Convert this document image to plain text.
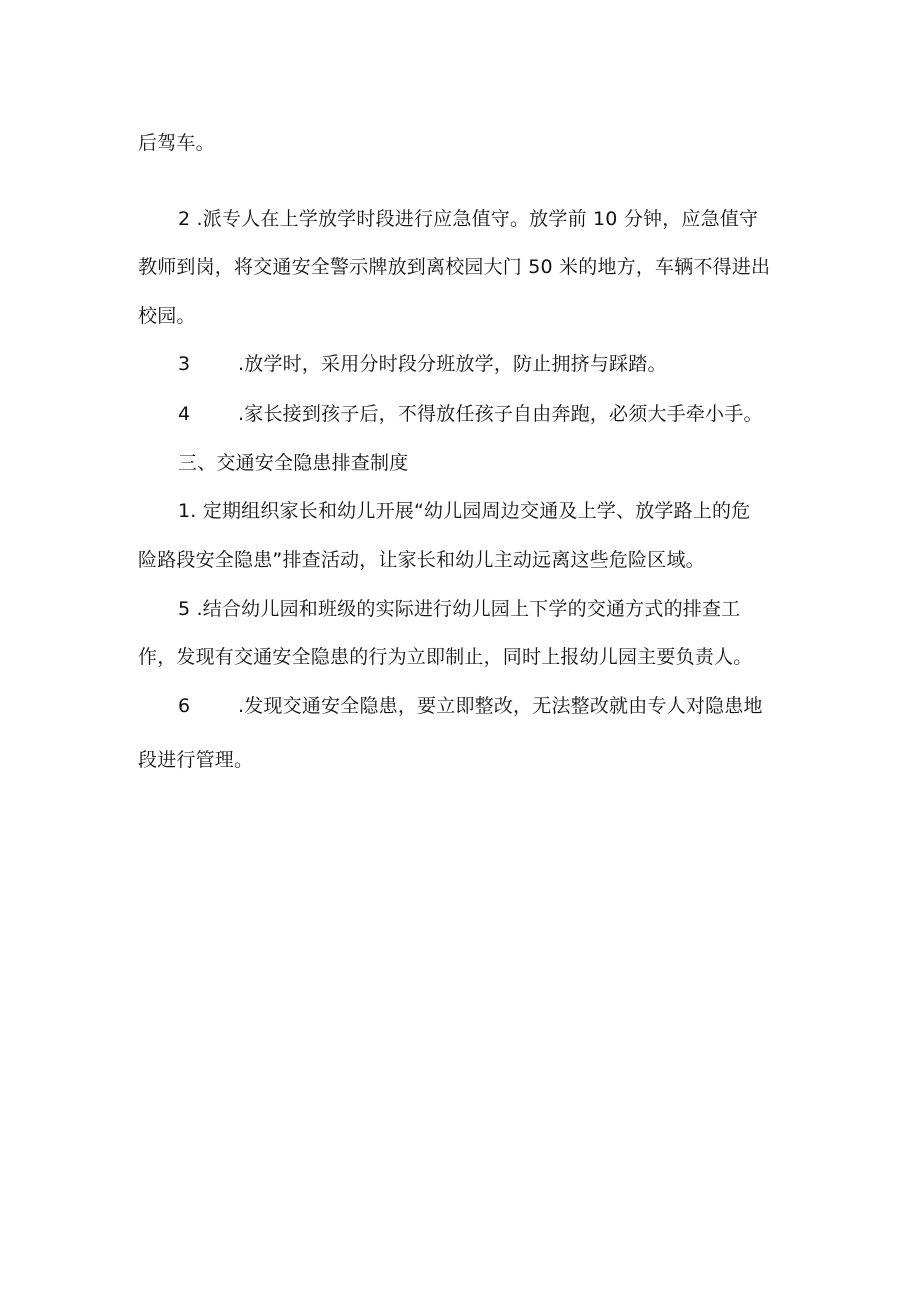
后驾车。
2 .派专人在上学放学时段进行应急值守。放学前 10 分钟，应急值守
教师到岗，将交通安全警示牌放到离校园大门 50 米的地方，车辆不得进出
校园。
3	.放学时，采用分时段分班放学，防止拥挤与踩踏。
4	.家长接到孩子后，不得放任孩子自由奔跑，必须大手牵小手。
三、交通安全隐患排查制度
1. 定期组织家长和幼儿开展“幼儿园周边交通及上学、放学路上的危
险路段安全隐患”排查活动，让家长和幼儿主动远离这些危险区域。
5 .结合幼儿园和班级的实际进行幼儿园上下学的交通方式的排查工
作，发现有交通安全隐患的行为立即制止，同时上报幼儿园主要负责人。
6	.发现交通安全隐患，要立即整改，无法整改就由专人对隐患地
段进行管理。
